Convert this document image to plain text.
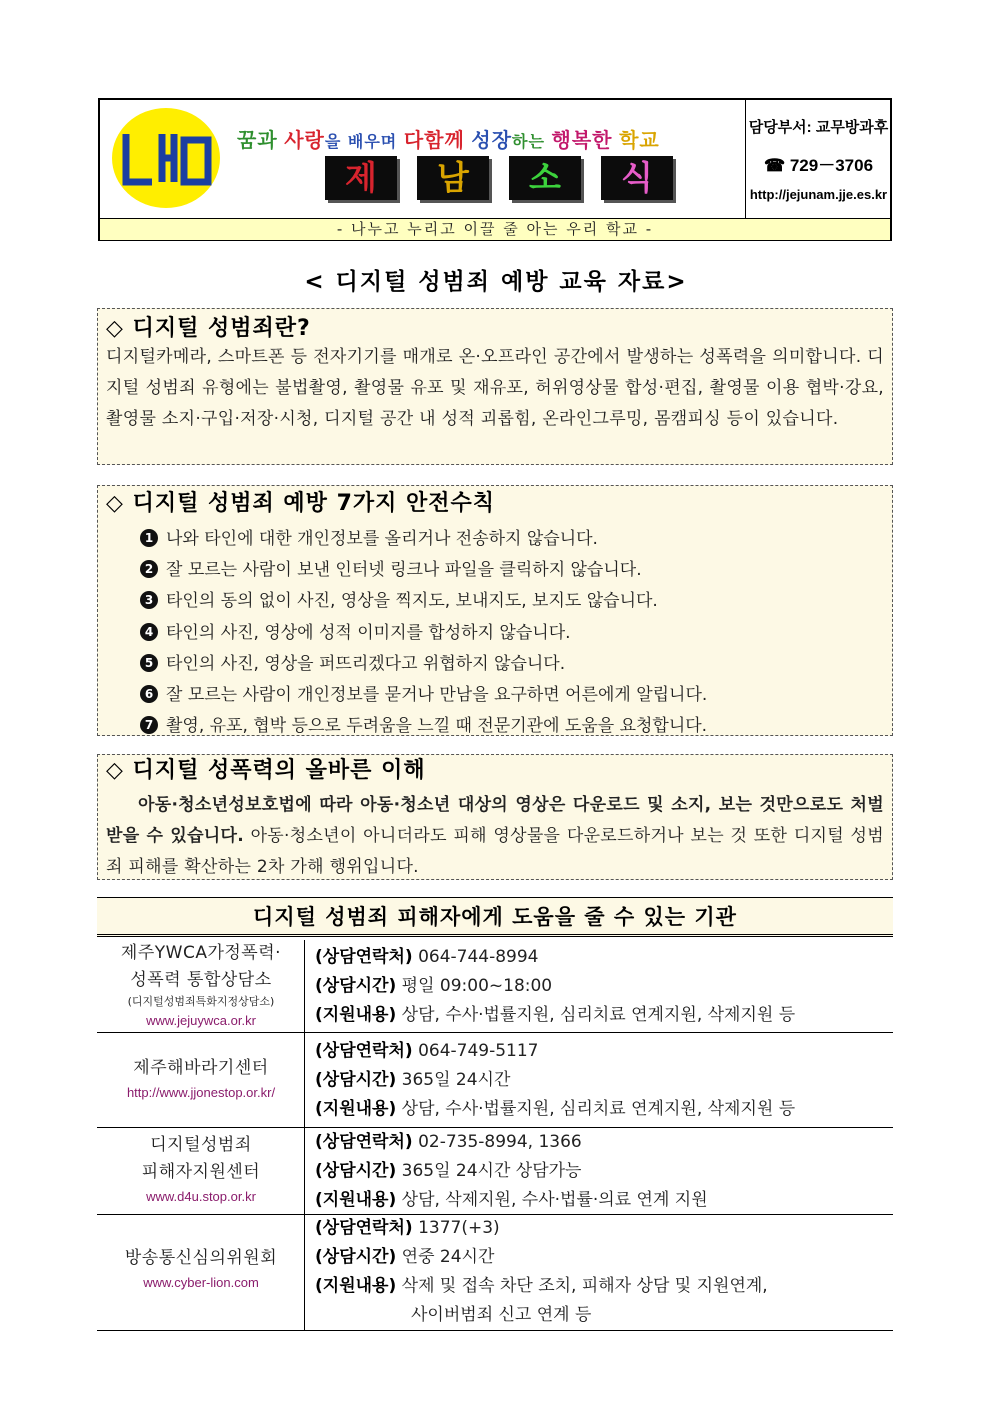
꿈과 사랑을 배우며 다함께 성장하는 행복한 학교
제	남	소	식
담당부서: 교무방과후
☎ 729－3706
http://jejunam.jje.es.kr
- 나누고 누리고 이끌 줄 아는 우리 학교 -
< 디지털 성범죄 예방 교육 자료>
◇ 디지털 성범죄란?
디지털카메라, 스마트폰 등 전자기기를 매개로 온·오프라인 공간에서 발생하는 성폭력을 의미합니다. 디지털 성범죄 유형에는 불법촬영, 촬영물 유포 및 재유포, 허위영상물 합성·편집, 촬영물 이용 협박·강요, 촬영물 소지·구입·저장·시청, 디지털 공간 내 성적 괴롭힘, 온라인그루밍, 몸캠피싱 등이 있습니다.
◇ 디지털 성범죄 예방 7가지 안전수칙
1 나와 타인에 대한 개인정보를 올리거나 전송하지 않습니다.
2 잘 모르는 사람이 보낸 인터넷 링크나 파일을 클릭하지 않습니다.
3 타인의 동의 없이 사진, 영상을 찍지도, 보내지도, 보지도 않습니다.
4 타인의 사진, 영상에 성적 이미지를 합성하지 않습니다.
5 타인의 사진, 영상을 퍼뜨리겠다고 위협하지 않습니다.
6 잘 모르는 사람이 개인정보를 묻거나 만남을 요구하면 어른에게 알립니다.
7 촬영, 유포, 협박 등으로 두려움을 느낄 때 전문기관에 도움을 요청합니다.
◇ 디지털 성폭력의 올바른 이해
아동·청소년성보호법에 따라 아동·청소년 대상의 영상은 다운로드 및 소지, 보는 것만으로도 처벌받을 수 있습니다. 아동·청소년이 아니더라도 피해 영상물을 다운로드하거나 보는 것 또한 디지털 성범죄 피해를 확산하는 2차 가해 행위입니다.
디지털 성범죄 피해자에게 도움을 줄 수 있는 기관
제주YWCA가정폭력·
성폭력 통합상담소
(디지털성범죄특화지정상담소)
www.jejuywca.or.kr
(상담연락처) 064-744-8994
(상담시간) 평일 09:00~18:00
(지원내용) 상담, 수사·법률지원, 심리치료 연계지원, 삭제지원 등
제주해바라기센터
http://www.jjonestop.or.kr/
(상담연락처) 064-749-5117
(상담시간) 365일 24시간
(지원내용) 상담, 수사·법률지원, 심리치료 연계지원, 삭제지원 등
디지털성범죄
피해자지원센터
www.d4u.stop.or.kr
(상담연락처) 02-735-8994, 1366
(상담시간) 365일 24시간 상담가능
(지원내용) 상담, 삭제지원, 수사·법률·의료 연계 지원
방송통신심의위원회
www.cyber-lion.com
(상담연락처) 1377(+3)
(상담시간) 연중 24시간
(지원내용) 삭제 및 접속 차단 조치, 피해자 상담 및 지원연계,
사이버범죄 신고 연계 등
